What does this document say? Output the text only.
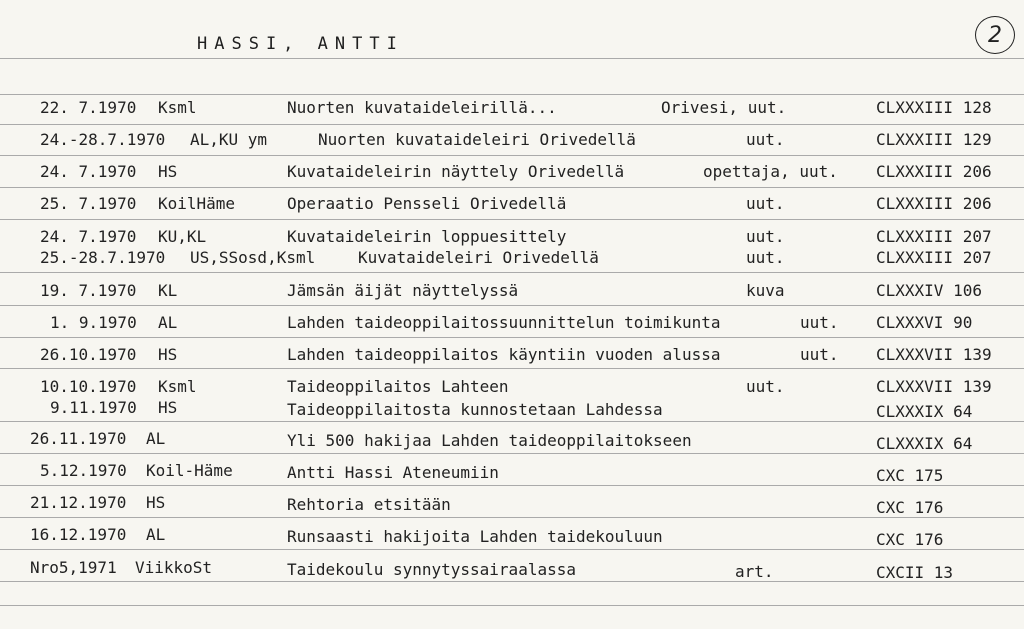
HASSI, ANTTI	2
22. 7.1970 Ksml	Nuorten kuvataideleirillä...	Orivesi, uut.	CLXXXIII 128
24.-28.7.1970 AL,KU ym	Nuorten kuvataideleiri Orivedellä	uut.	CLXXXIII 129
24. 7.1970 HS	Kuvataideleirin näyttely Orivedellä	opettaja, uut. CLXXXIII 206
25. 7.1970 KoilHäme	Operaatio Pensseli Orivedellä	uut.	CLXXXIII 206
24. 7.1970 KU,KL	Kuvataideleirin loppuesittely	uut.	CLXXXIII 207
25.-28.7.1970 US,SSosd,Ksml	Kuvataideleiri Orivedellä	uut.	CLXXXIII 207
19. 7.1970 KL	Jämsän äijät näyttelyssä	kuva	CLXXXIV 106
1. 9.1970 AL	Lahden taideoppilaitossuunnittelun toimikunta	uut. CLXXXVI 90
26.10.1970 HS	Lahden taideoppilaitos käyntiin vuoden alussa	uut. CLXXXVII 139
10.10.1970 Ksml	Taideoppilaitos Lahteen	uut.	CLXXXVII 139
9.11.1970 HS	Taideoppilaitosta kunnostetaan Lahdessa	CLXXXIX 64
26.11.1970 AL	Yli 500 hakijaa Lahden taideoppilaitokseen	CLXXXIX 64
5.12.1970 Koil-Häme	Antti Hassi Ateneumiin	CXC 175
21.12.1970 HS	Rehtoria etsitään	CXC 176
16.12.1970 AL	Runsaasti hakijoita Lahden taidekouluun	CXC 176
Nro5,1971 ViikkoSt	Taidekoulu synnytyssairaalassa	art.	CXCII 13
